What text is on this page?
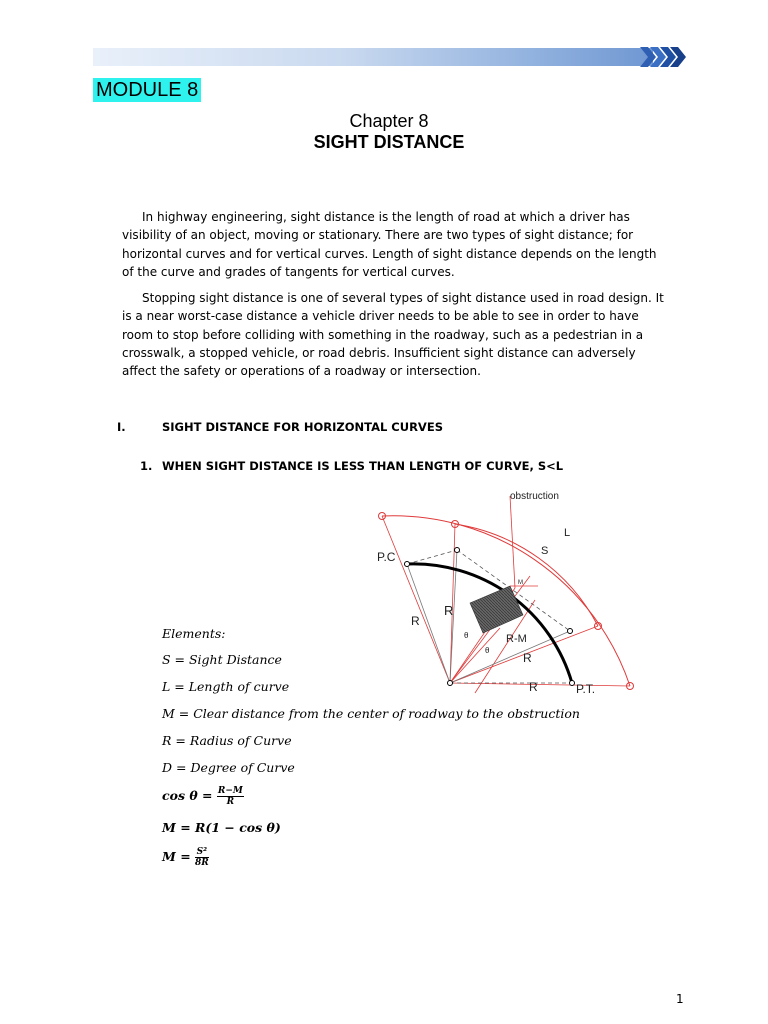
MODULE 8
Chapter 8
SIGHT DISTANCE
In highway engineering, sight distance is the length of road at which a driver has visibility of an object, moving or stationary. There are two types of sight distance; for horizontal curves and for vertical curves. Length of sight distance depends on the length of the curve and grades of tangents for vertical curves.
Stopping sight distance is one of several types of sight distance used in road design. It is a near worst-case distance a vehicle driver needs to be able to see in order to have room to stop before colliding with something in the roadway, such as a pedestrian in a crosswalk, a stopped vehicle, or road debris. Insufficient sight distance can adversely affect the safety or operations of a roadway or intersection.
I.	SIGHT DISTANCE FOR HORIZONTAL CURVES
1. WHEN SIGHT DISTANCE IS LESS THAN LENGTH OF CURVE, S<L
obstruction
L
S
P.C
R
R
R-M
R
R	P.T.
M
θ
θ
Elements:
S = Sight Distance
L = Length of curve
M = Clear distance from the center of roadway to the obstruction
R = Radius of Curve
D = Degree of Curve
$\cos \theta = \frac{R-M}{R}$
M = R(1 − cos θ)
$M = \frac{\text{S²}}{8R}$
1
